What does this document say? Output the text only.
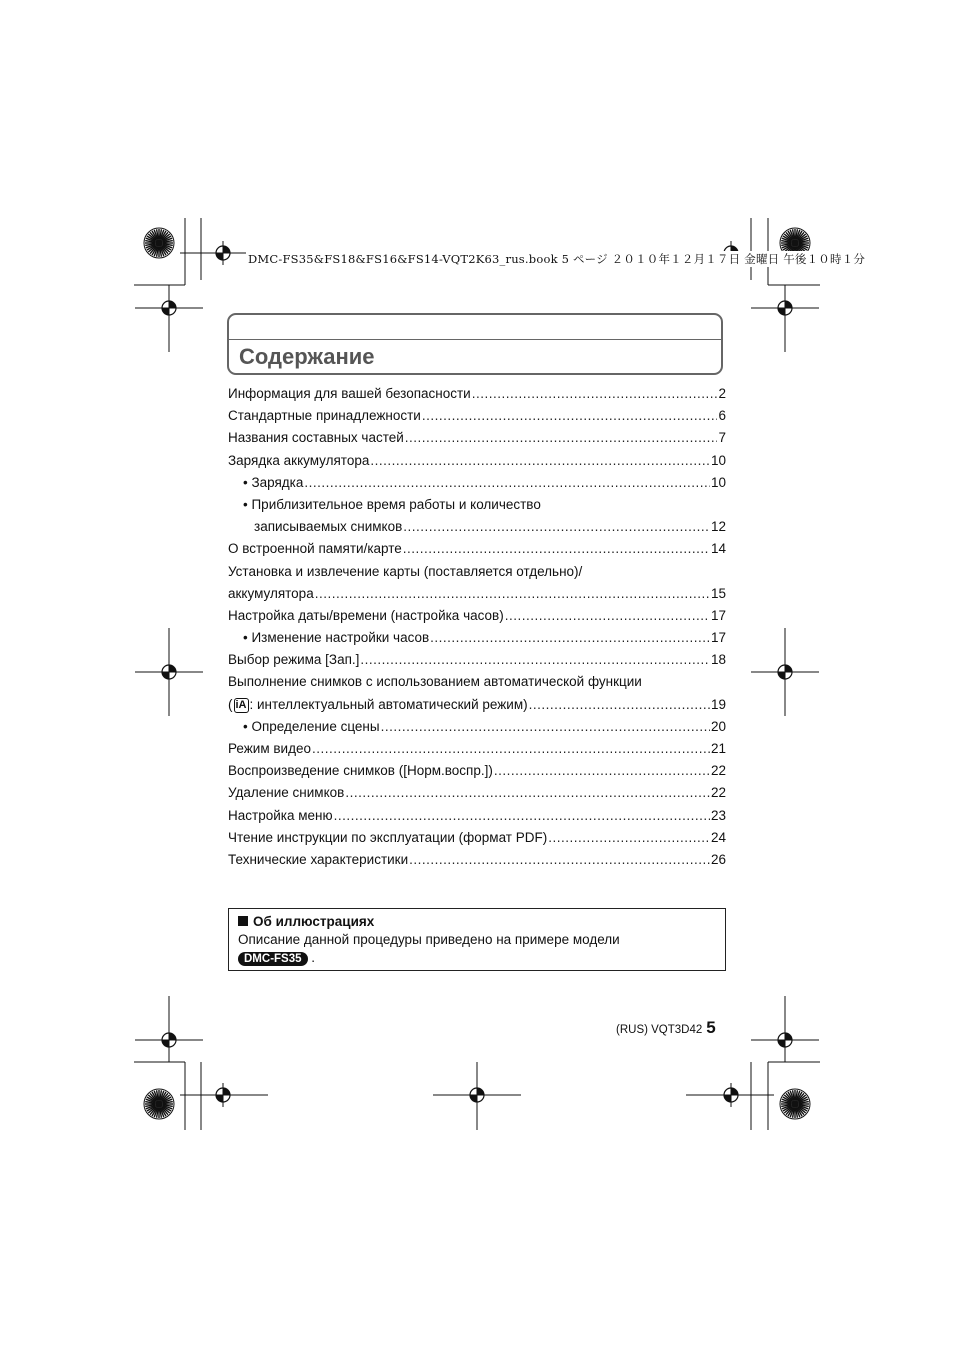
DMC-FS35&FS18&FS16&FS14-VQT2K63_rus.book 5 ページ ２０１０年１２月１７日 金曜日 午後１０時１分
Содержание
Информация для вашей безопасности .....	2
Стандартные принадлежности .....	6
Названия составных частей .....	7
Зарядка аккумулятора .....	10
• Зарядка .....	10
• Приблизительное время работы и количество
записываемых снимков .....	12
О встроенной памяти/карте .....	14
Установка и извлечение карты (поставляется отдельно)/
аккумулятора .....	15
Настройка даты/времени (настройка часов) .....	17
• Изменение настройки часов .....	17
Выбор режима [Зап.] .....	18
Выполнение снимков с использованием автоматической функции
( iA : интеллектуальный автоматический режим) .....	19
• Определение сцены .....	20
Режим видео .....	21
Воспроизведение снимков ([Норм.воспр.]) .....	22
Удаление снимков .....	22
Настройка меню .....	23
Чтение инструкции по эксплуатации (формат PDF) .....	24
Технические характеристики .....	26
Об иллюстрациях
Описание данной процедуры приведено на примере модели
DMC-FS35 .
(RUS) VQT3D42 5
